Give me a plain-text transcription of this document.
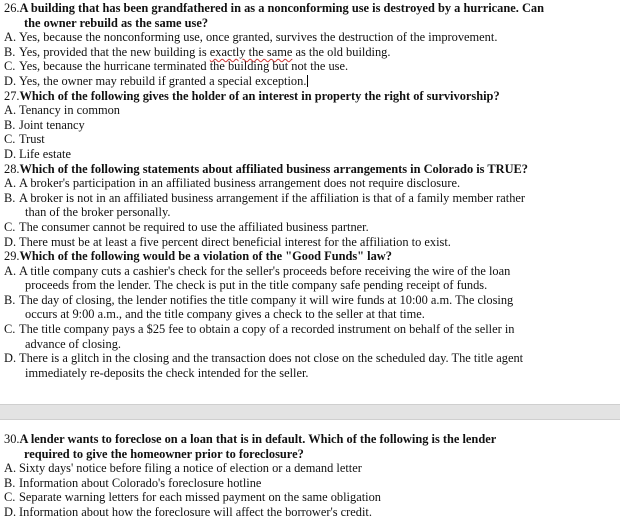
26.A building that has been grandfathered in as a nonconforming use is destroyed by a hurricane. Can
the owner rebuild as the same use?
A. Yes, because the nonconforming use, once granted, survives the destruction of the improvement.
B. Yes, provided that the new building is exactly the same as the old building.
C. Yes, because the hurricane terminated the building but not the use.
D. Yes, the owner may rebuild if granted a special exception.
27.Which of the following gives the holder of an interest in property the right of survivorship?
A. Tenancy in common
B. Joint tenancy
C. Trust
D. Life estate
28.Which of the following statements about affiliated business arrangements in Colorado is TRUE?
A. A broker's participation in an affiliated business arrangement does not require disclosure.
B. A broker is not in an affiliated business arrangement if the affiliation is that of a family member rather
than of the broker personally.
C. The consumer cannot be required to use the affiliated business partner.
D. There must be at least a five percent direct beneficial interest for the affiliation to exist.
29.Which of the following would be a violation of the "Good Funds" law?
A. A title company cuts a cashier's check for the seller's proceeds before receiving the wire of the loan
proceeds from the lender. The check is put in the title company safe pending receipt of funds.
B. The day of closing, the lender notifies the title company it will wire funds at 10:00 a.m. The closing
occurs at 9:00 a.m., and the title company gives a check to the seller at that time.
C. The title company pays a $25 fee to obtain a copy of a recorded instrument on behalf of the seller in
advance of closing.
D. There is a glitch in the closing and the transaction does not close on the scheduled day. The title agent
immediately re-deposits the check intended for the seller.
30.A lender wants to foreclose on a loan that is in default. Which of the following is the lender
required to give the homeowner prior to foreclosure?
A. Sixty days' notice before filing a notice of election or a demand letter
B. Information about Colorado's foreclosure hotline
C. Separate warning letters for each missed payment on the same obligation
D. Information about how the foreclosure will affect the borrower's credit.
